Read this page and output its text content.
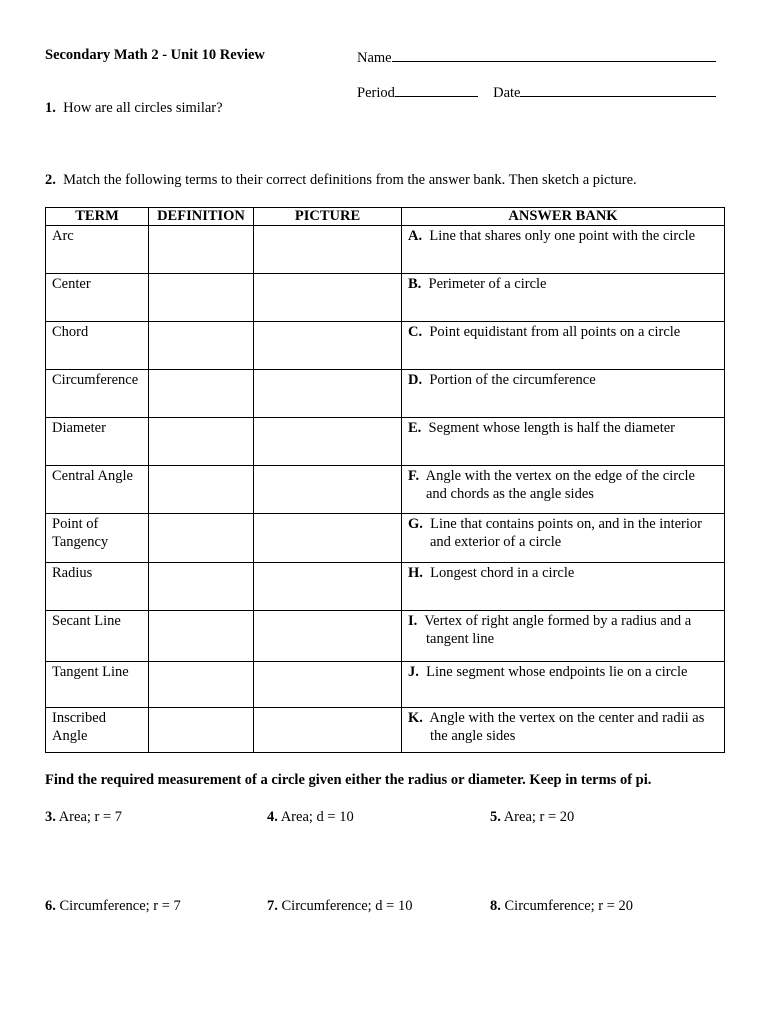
Secondary Math 2 - Unit 10 Review	Name
Period	Date
1. How are all circles similar?
2. Match the following terms to their correct definitions from the answer bank. Then sketch a picture.
TERM	DEFINITION	PICTURE	ANSWER BANK
Arc			A. Line that shares only one point with the circle
Center			B. Perimeter of a circle
Chord			C. Point equidistant from all points on a circle
Circumference			D. Portion of the circumference
Diameter			E. Segment whose length is half the diameter
Central Angle			F. Angle with the vertex on the edge of the circle
and chords as the angle sides

Point of
Tangency			G. Line that contains points on, and in the interior
and exterior of a circle

Radius			H. Longest chord in a circle
Secant Line			I. Vertex of right angle formed by a radius and a
tangent line

Tangent Line			J. Line segment whose endpoints lie on a circle
Inscribed
Angle			K. Angle with the vertex on the center and radii as
the angle sides
Find the required measurement of a circle given either the radius or diameter. Keep in terms of pi.
3. Area; r = 7	4. Area; d = 10	5. Area; r = 20
6. Circumference; r = 7	7. Circumference; d = 10	8. Circumference; r = 20
